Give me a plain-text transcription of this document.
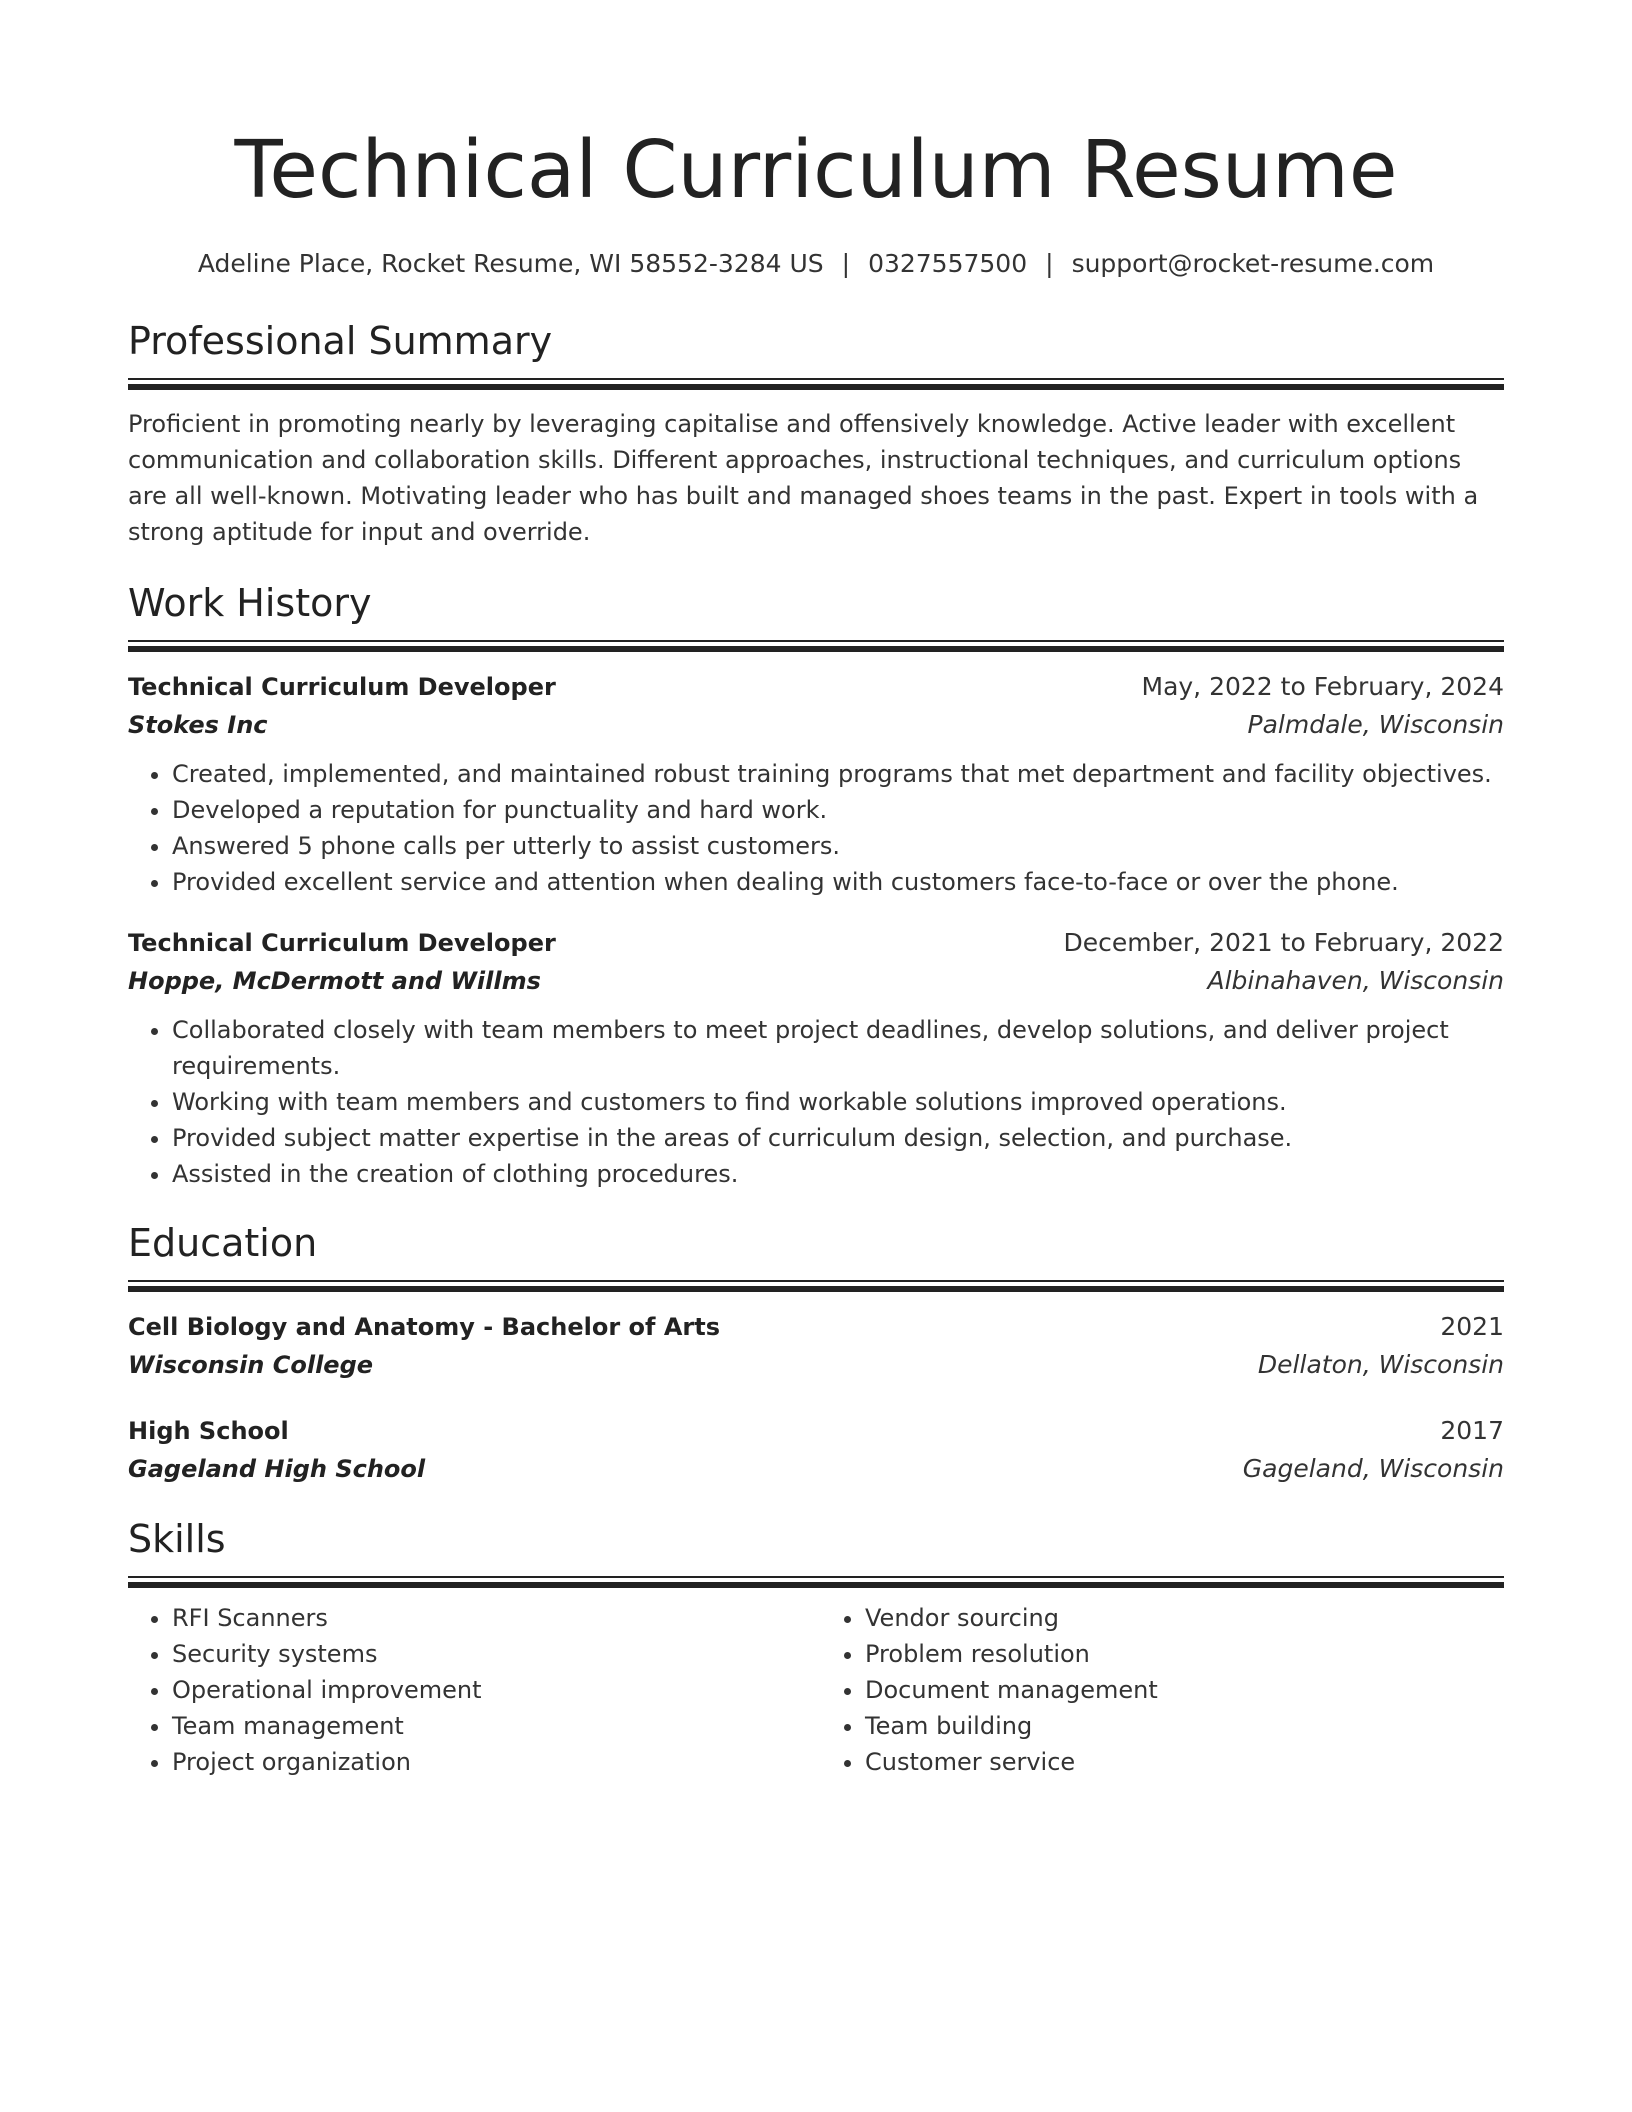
Technical Curriculum Resume
Adeline Place, Rocket Resume, WI 58552-3284 US | 0327557500 | support@rocket-resume.com
Professional Summary
Proficient in promoting nearly by leveraging capitalise and offensively knowledge. Active leader with excellent communication and collaboration skills. Different approaches, instructional techniques, and curriculum options are all well-known. Motivating leader who has built and managed shoes teams in the past. Expert in tools with a strong aptitude for input and override.
Work History
Technical Curriculum Developer	May, 2022 to February, 2024
Stokes Inc	Palmdale, Wisconsin
• Created, implemented, and maintained robust training programs that met department and facility objectives.
• Developed a reputation for punctuality and hard work.
• Answered 5 phone calls per utterly to assist customers.
• Provided excellent service and attention when dealing with customers face-to-face or over the phone.
Technical Curriculum Developer	December, 2021 to February, 2022
Hoppe, McDermott and Willms	Albinahaven, Wisconsin
• Collaborated closely with team members to meet project deadlines, develop solutions, and deliver project requirements.
• Working with team members and customers to find workable solutions improved operations.
• Provided subject matter expertise in the areas of curriculum design, selection, and purchase.
• Assisted in the creation of clothing procedures.
Education
Cell Biology and Anatomy - Bachelor of Arts	2021
Wisconsin College	Dellaton, Wisconsin
High School	2017
Gageland High School	Gageland, Wisconsin
Skills
• RFI Scanners
• Security systems
• Operational improvement
• Team management
• Project organization
• Vendor sourcing
• Problem resolution
• Document management
• Team building
• Customer service
